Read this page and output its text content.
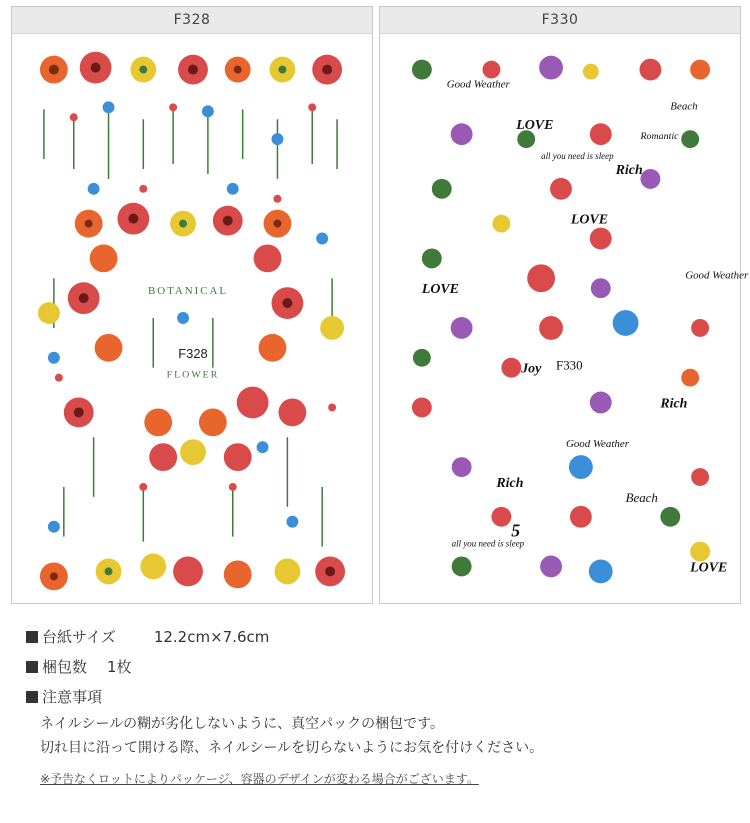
F328
BOTANICAL
F328
FLOWER
F330
Good Weather
Beach
LOVE
Romantic
Rich
all you need is sleep
LOVE
LOVE
Good Weather
F330
Joy
Rich
Good Weather
Beach
Rich
all you need is sleep
LOVE
5
台紙サイズ	12.2cm×7.6cm
梱包数 1枚
注意事項
ネイルシールの糊が劣化しないように、真空パックの梱包です。
切れ目に沿って開ける際、ネイルシールを切らないようにお気を付けください。
※予告なくロットによりパッケージ、容器のデザインが変わる場合がございます。
